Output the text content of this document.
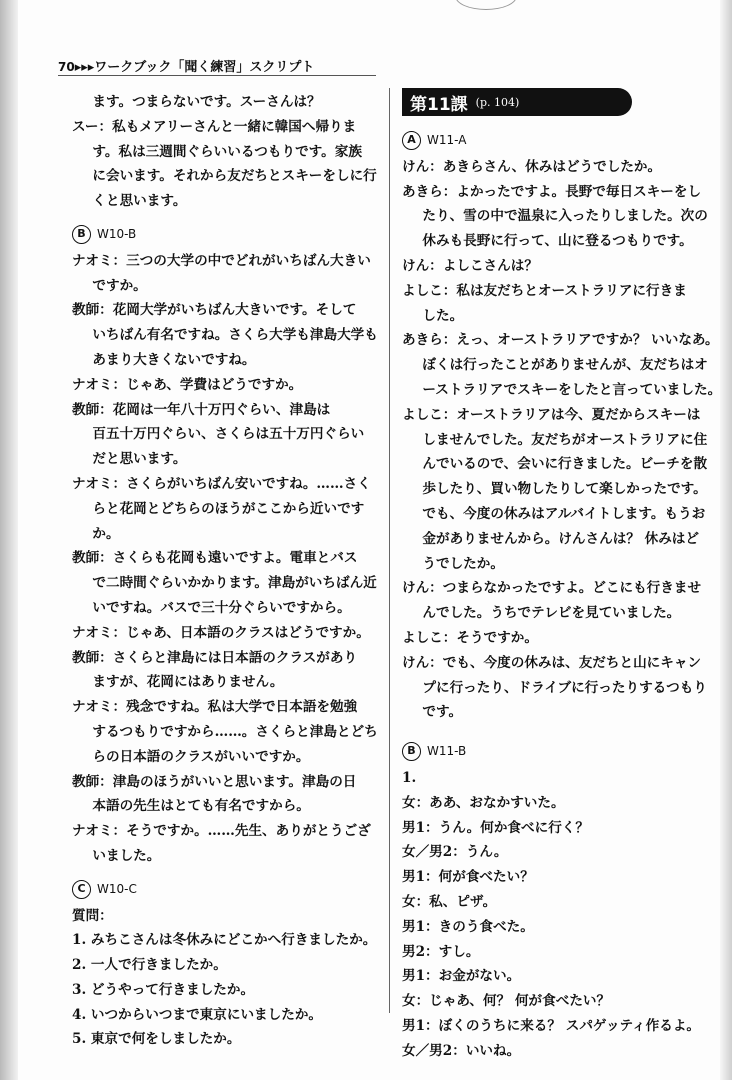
70▸▸▸ワークブック「聞く練習」スクリプト
ます。つまらないです。スーさんは？
スー：私もメアリーさんと一緒に韓国へ帰りま
す。私は三週間ぐらいいるつもりです。家族
に会います。それから友だちとスキーをしに行
くと思います。
B W10-B
ナオミ：三つの大学の中でどれがいちばん大きい
ですか。
教師：花岡大学がいちばん大きいです。そして
いちばん有名ですね。さくら大学も津島大学も
あまり大きくないですね。
ナオミ：じゃあ、学費はどうですか。
教師：花岡は一年八十万円ぐらい、津島は
百五十万円ぐらい、さくらは五十万円ぐらい
だと思います。
ナオミ：さくらがいちばん安いですね。……さく
らと花岡とどちらのほうがここから近いです
か。
教師：さくらも花岡も遠いですよ。電車とバス
で二時間ぐらいかかります。津島がいちばん近
いですね。バスで三十分ぐらいですから。
ナオミ：じゃあ、日本語のクラスはどうですか。
教師：さくらと津島には日本語のクラスがあり
ますが、花岡にはありません。
ナオミ：残念ですね。私は大学で日本語を勉強
するつもりですから……。さくらと津島とどち
らの日本語のクラスがいいですか。
教師：津島のほうがいいと思います。津島の日
本語の先生はとても有名ですから。
ナオミ：そうですか。……先生、ありがとうござ
いました。
C W10-C
質問：
1. みちこさんは冬休みにどこかへ行きましたか。
2. 一人で行きましたか。
3. どうやって行きましたか。
4. いつからいつまで東京にいましたか。
5. 東京で何をしましたか。
第11課 (p. 104)
A W11-A
けん：あきらさん、休みはどうでしたか。
あきら：よかったですよ。長野で毎日スキーをし
たり、雪の中で温泉に入ったりしました。次の
休みも長野に行って、山に登るつもりです。
けん：よしこさんは？
よしこ：私は友だちとオーストラリアに行きま
した。
あきら：えっ、オーストラリアですか？ いいなあ。
ぼくは行ったことがありませんが、友だちはオ
ーストラリアでスキーをしたと言っていました。
よしこ：オーストラリアは今、夏だからスキーは
しませんでした。友だちがオーストラリアに住
んでいるので、会いに行きました。ビーチを散
歩したり、買い物したりして楽しかったです。
でも、今度の休みはアルバイトします。もうお
金がありませんから。けんさんは？ 休みはど
うでしたか。
けん：つまらなかったですよ。どこにも行きませ
んでした。うちでテレビを見ていました。
よしこ：そうですか。
けん：でも、今度の休みは、友だちと山にキャン
プに行ったり、ドライブに行ったりするつもり
です。
B W11-B
1.
女：ああ、おなかすいた。
男1：うん。何か食べに行く？
女／男2：うん。
男1：何が食べたい？
女：私、ピザ。
男1：きのう食べた。
男2：すし。
男1：お金がない。
女：じゃあ、何？ 何が食べたい？
男1：ぼくのうちに来る？ スパゲッティ作るよ。
女／男2：いいね。
